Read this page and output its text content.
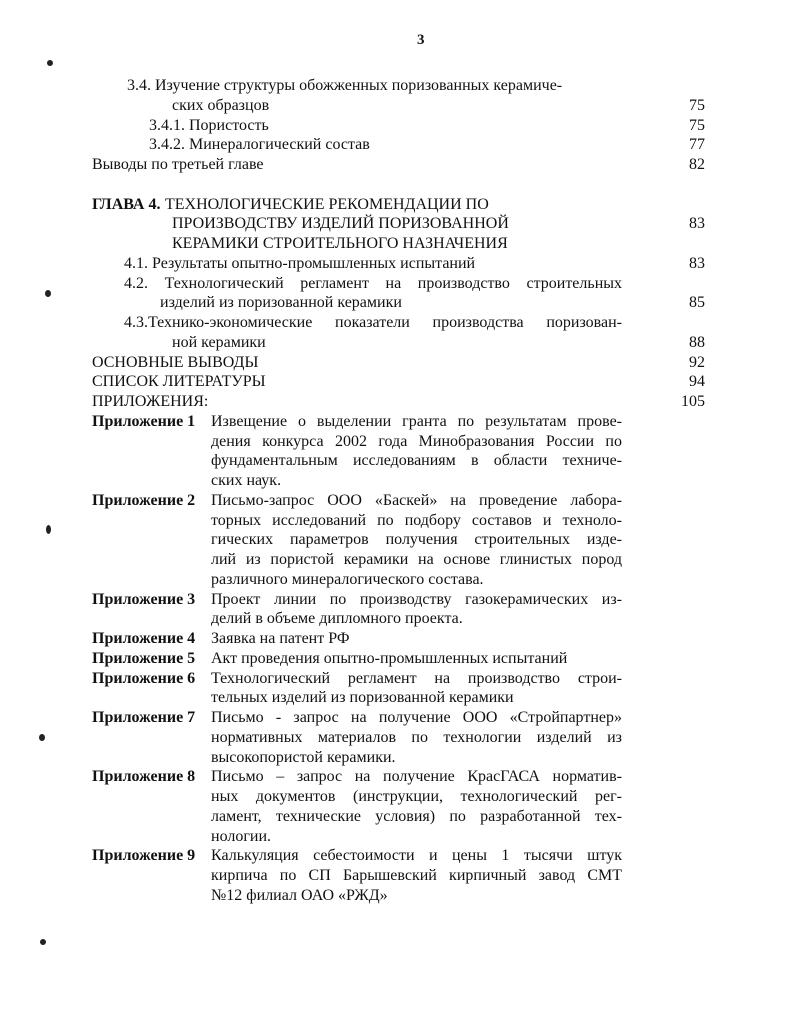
3
3.4. Изучение структуры обожженных поризованных керамиче-
ских образцов	75
3.4.1. Пористость	75
3.4.2. Минералогический состав	77
Выводы по третьей главе	82
ГЛАВА 4. ТЕХНОЛОГИЧЕСКИЕ РЕКОМЕНДАЦИИ ПО
ПРОИЗВОДСТВУ ИЗДЕЛИЙ ПОРИЗОВАННОЙ	83
КЕРАМИКИ СТРОИТЕЛЬНОГО НАЗНАЧЕНИЯ
4.1. Результаты опытно-промышленных испытаний	83
4.2. Технологический регламент на производство строительных
изделий из поризованной керамики	85
4.3.Технико-экономические показатели производства поризован-
ной керамики	88
ОСНОВНЫЕ ВЫВОДЫ	92
СПИСОК ЛИТЕРАТУРЫ	94
ПРИЛОЖЕНИЯ:	105
Приложение 1 Извещение о выделении гранта по результатам прове-
дения конкурса 2002 года Минобразования России по
фундаментальным исследованиям в области техниче-
ских наук.
Приложение 2 Письмо-запрос ООО «Баскей» на проведение лабора-
торных исследований по подбору составов и техноло-
гических параметров получения строительных изде-
лий из пористой керамики на основе глинистых пород
различного минералогического состава.
Приложение 3 Проект линии по производству газокерамических из-
делий в объеме дипломного проекта.
Приложение 4 Заявка на патент РФ
Приложение 5 Акт проведения опытно-промышленных испытаний
Приложение 6 Технологический регламент на производство строи-
тельных изделий из поризованной керамики
Приложение 7 Письмо - запрос на получение ООО «Стройпартнер»
нормативных материалов по технологии изделий из
высокопористой керамики.
Приложение 8 Письмо – запрос на получение КрасГАСА норматив-
ных документов (инструкции, технологический рег-
ламент, технические условия) по разработанной тех-
нологии.
Приложение 9 Калькуляция себестоимости и цены 1 тысячи штук
кирпича по СП Барышевский кирпичный завод СМТ
№12 филиал ОАО «РЖД»
